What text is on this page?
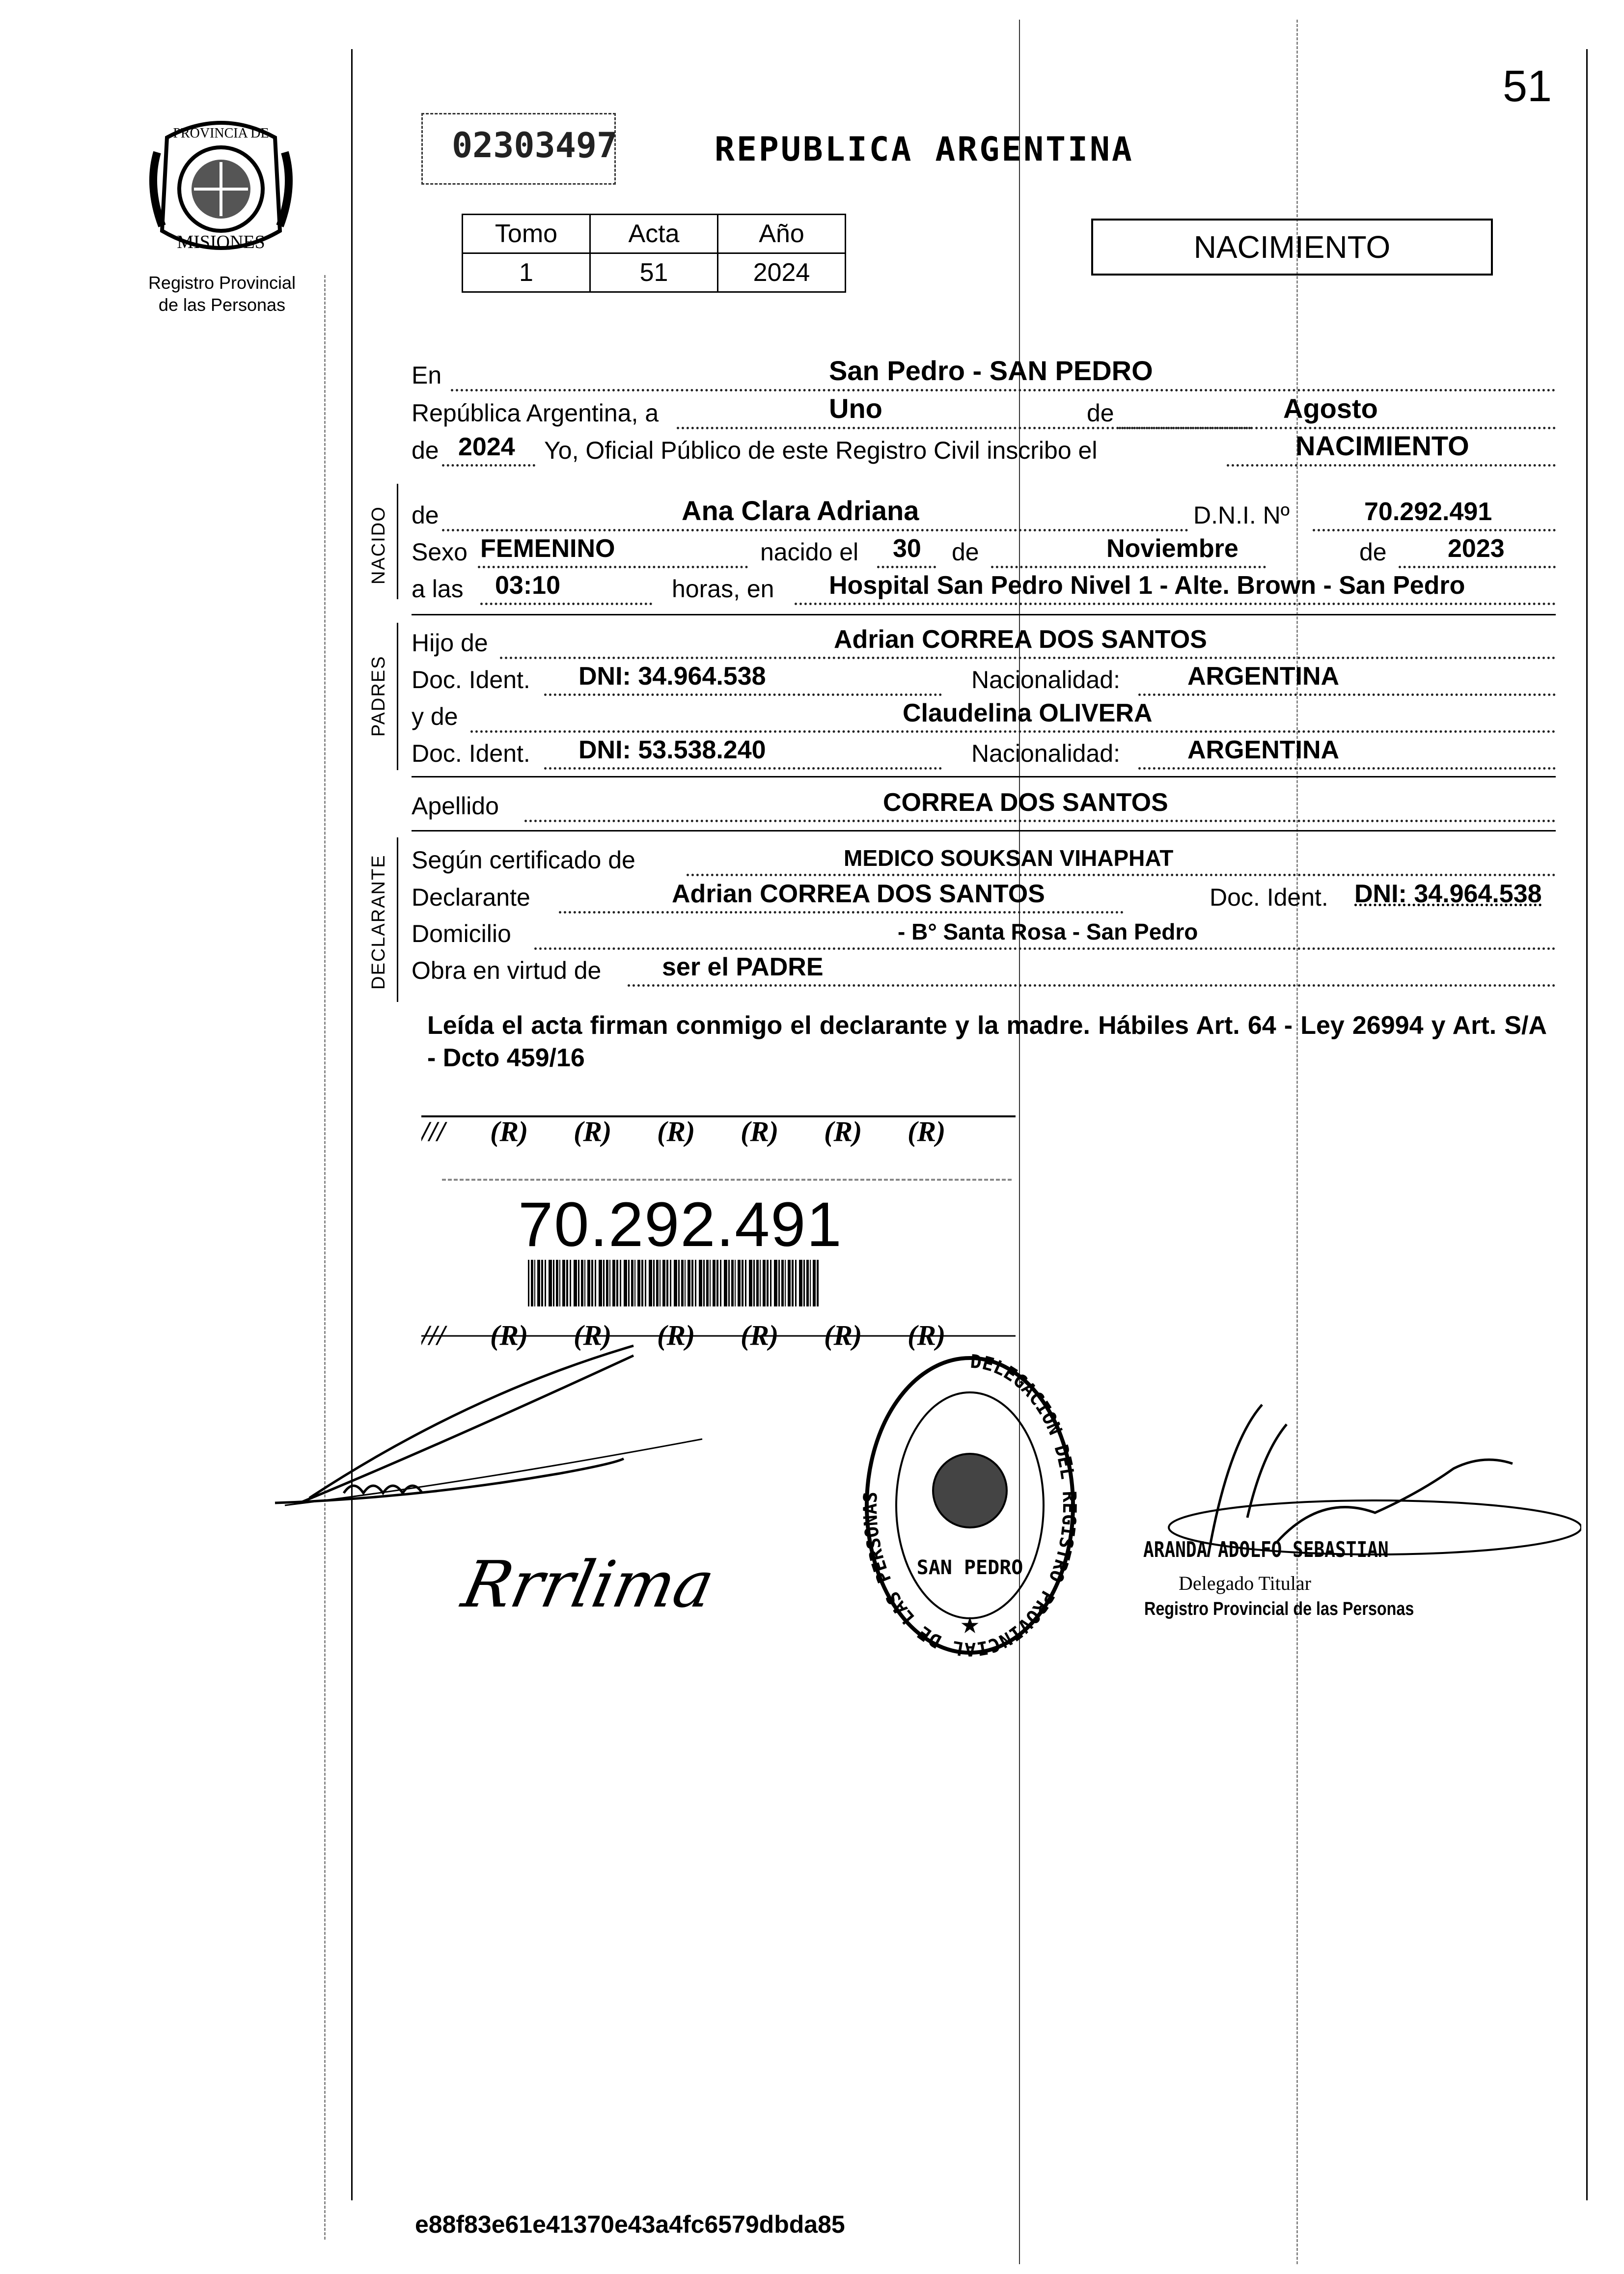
51
PROVINCIA DE
MISIONES
Registro Provincial
de las Personas
02303497	REPUBLICA ARGENTINA
Tomo	Acta	Año
1	51	2024
NACIMIENTO
En	San Pedro - SAN PEDRO
República Argentina, a	Uno	de	Agosto
de 2024 Yo, Oficial Público de este Registro Civil inscribo el	NACIMIENTO
NACIDO de	Ana Clara Adriana	D.N.I. Nº	70.292.491
Sexo FEMENINO	nacido el 30 de	Noviembre	de 2023
a las 03:10	horas, en Hospital San Pedro Nivel 1 - Alte. Brown - San Pedro
PADRES
Hijo de	Adrian CORREA DOS SANTOS
Doc. Ident. DNI: 34.964.538	Nacionalidad:	ARGENTINA
y de	Claudelina OLIVERA
Doc. Ident. DNI: 53.538.240	Nacionalidad:	ARGENTINA
Apellido	CORREA DOS SANTOS
DECLARANTE Según certificado de	MEDICO SOUKSAN VIHAPHAT
Declarante	Adrian CORREA DOS SANTOS	Doc. Ident. DNI: 34.964.538
Domicilio	- B° Santa Rosa - San Pedro
Obra en virtud de ser el PADRE
Leída el acta firman conmigo el declarante y la madre. Hábiles Art. 64 - Ley 26994 y Art. S/A - Dcto 459/16
/// (R) (R) (R) (R) (R) (R)
70.292.491
/// (R) (R) (R) (R) (R) (R)
Rrrlima
DELEGACION DEL ISTRO PROVINCIAL DE LAS PERSO
SAN PEDRO
★
ARANDA ADOLFO SEBASTIAN
Delegado Titular
Registro Provincial de las Personas
e88f83e61e41370e43a4fc6579dbda85
